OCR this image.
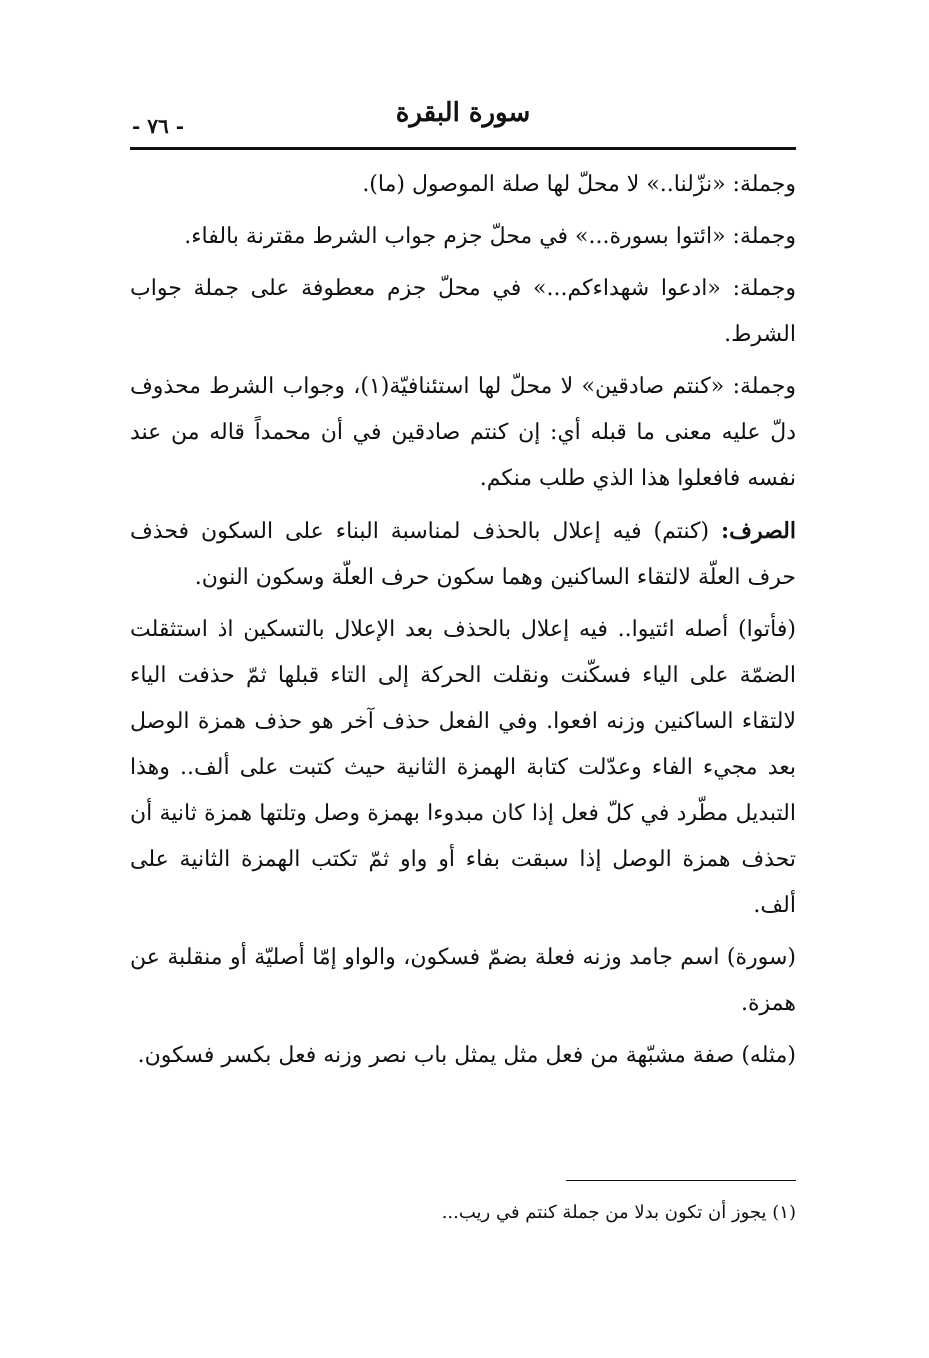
سورة البقرة
- ٧٦ -

وجملة: «نزّلنا..» لا محلّ لها صلة الموصول (ما).

وجملة: «ائتوا بسورة...» في محلّ جزم جواب الشرط مقترنة بالفاء.

وجملة: «ادعوا شهداءكم...» في محلّ جزم معطوفة على جملة جواب الشرط.

وجملة: «كنتم صادقين» لا محلّ لها استئنافيّة(١)، وجواب الشرط محذوف دلّ عليه معنى ما قبله أي: إن كنتم صادقين في أن محمداً قاله من عند نفسه فافعلوا هذا الذي طلب منكم.

الصرف: (كنتم) فيه إعلال بالحذف لمناسبة البناء على السكون فحذف حرف العلّة لالتقاء الساكنين وهما سكون حرف العلّة وسكون النون.

(فأتوا) أصله ائتيوا.. فيه إعلال بالحذف بعد الإعلال بالتسكين اذ استثقلت الضمّة على الياء فسكّنت ونقلت الحركة إلى التاء قبلها ثمّ حذفت الياء لالتقاء الساكنين وزنه افعوا. وفي الفعل حذف آخر هو حذف همزة الوصل بعد مجيء الفاء وعدّلت كتابة الهمزة الثانية حيث كتبت على ألف.. وهذا التبديل مطّرد في كلّ فعل إذا كان مبدوءا بهمزة وصل وتلتها همزة ثانية أن تحذف همزة الوصل إذا سبقت بفاء أو واو ثمّ تكتب الهمزة الثانية على ألف.

(سورة) اسم جامد وزنه فعلة بضمّ فسكون، والواو إمّا أصليّة أو منقلبة عن همزة.

(مثله) صفة مشبّهة من فعل مثل يمثل باب نصر وزنه فعل بكسر فسكون.

(١) يجوز أن تكون بدلا من جملة كنتم في ريب...
